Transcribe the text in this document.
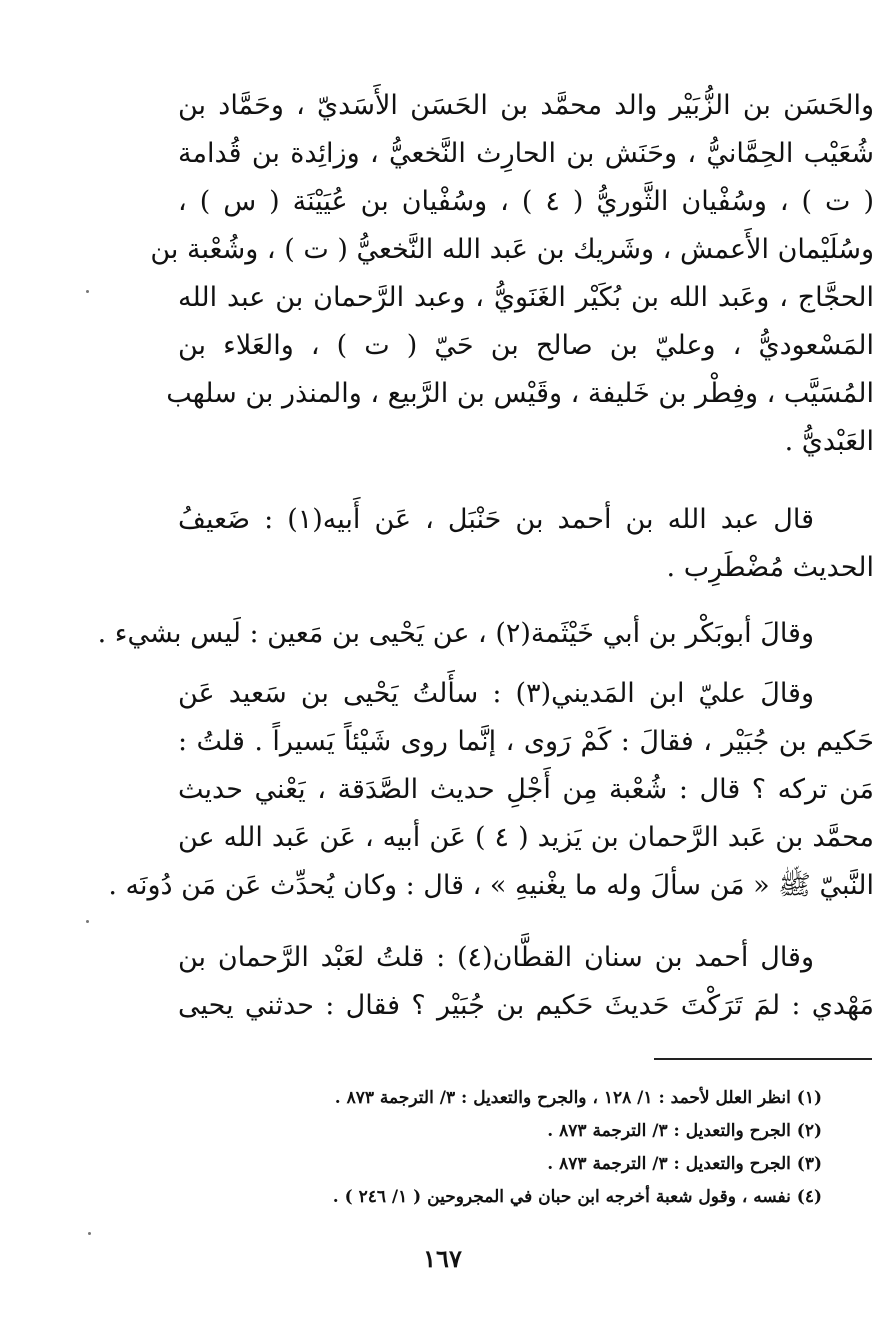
والحَسَن بن الزُّبَيْر والد محمَّد بن الحَسَن الأَسَديّ ، وحَمَّاد بن
شُعَيْب الحِمَّانيُّ ، وحَنَش بن الحارِث النَّخعيُّ ، وزائِدة بن قُدامة
( ت ) ، وسُفْيان الثَّوريُّ ( ٤ ) ، وسُفْيان بن عُيَيْنَة ( س ) ،
وسُلَيْمان الأَعمش ، وشَريك بن عَبد الله النَّخعيُّ ( ت ) ، وشُعْبة بن
الحجَّاج ، وعَبد الله بن بُكَيْر الغَنَويُّ ، وعبد الرَّحمان بن عبد الله
المَسْعوديُّ ، وعليّ بن صالح بن حَيّ ( ت ) ، والعَلاء بن
المُسَيَّب ، وفِطْر بن خَليفة ، وقَيْس بن الرَّبيع ، والمنذر بن سلهب
العَبْديُّ .
قال عبد الله بن أحمد بن حَنْبَل ، عَن أَبيه(١) : ضَعيفُ
الحديث مُضْطَرِب .
وقالَ أبوبَكْر بن أبي خَيْثَمة(٢) ، عن يَحْيى بن مَعين : لَيس بشيء .
وقالَ عليّ ابن المَديني(٣) : سأَلتُ يَحْيى بن سَعيد عَن
حَكيم بن جُبَيْر ، فقالَ : كَمْ رَوى ، إنَّما روى شَيْئاً يَسيراً . قلتُ :
مَن تركه ؟ قال : شُعْبة مِن أَجْلِ حديث الصَّدَقة ، يَعْني حديث
محمَّد بن عَبد الرَّحمان بن يَزيد ( ٤ ) عَن أبيه ، عَن عَبد الله عن
النَّبيّ ﷺ « مَن سألَ وله ما يغْنيهِ » ، قال : وكان يُحدِّث عَن مَن دُونَه .
وقال أحمد بن سنان القطَّان(٤) : قلتُ لعَبْد الرَّحمان بن
مَهْدي : لمَ تَرَكْتَ حَديثَ حَكيم بن جُبَيْر ؟ فقال : حدثني يحيى
(١) انظر العلل لأحمد : ١/ ١٢٨ ، والجرح والتعديل : ٣/ الترجمة ٨٧٣ .
(٢) الجرح والتعديل : ٣/ الترجمة ٨٧٣ .
(٣) الجرح والتعديل : ٣/ الترجمة ٨٧٣ .
(٤) نفسه ، وقول شعبة أخرجه ابن حبان في المجروحين ( ١/ ٢٤٦ ) .
١٦٧
